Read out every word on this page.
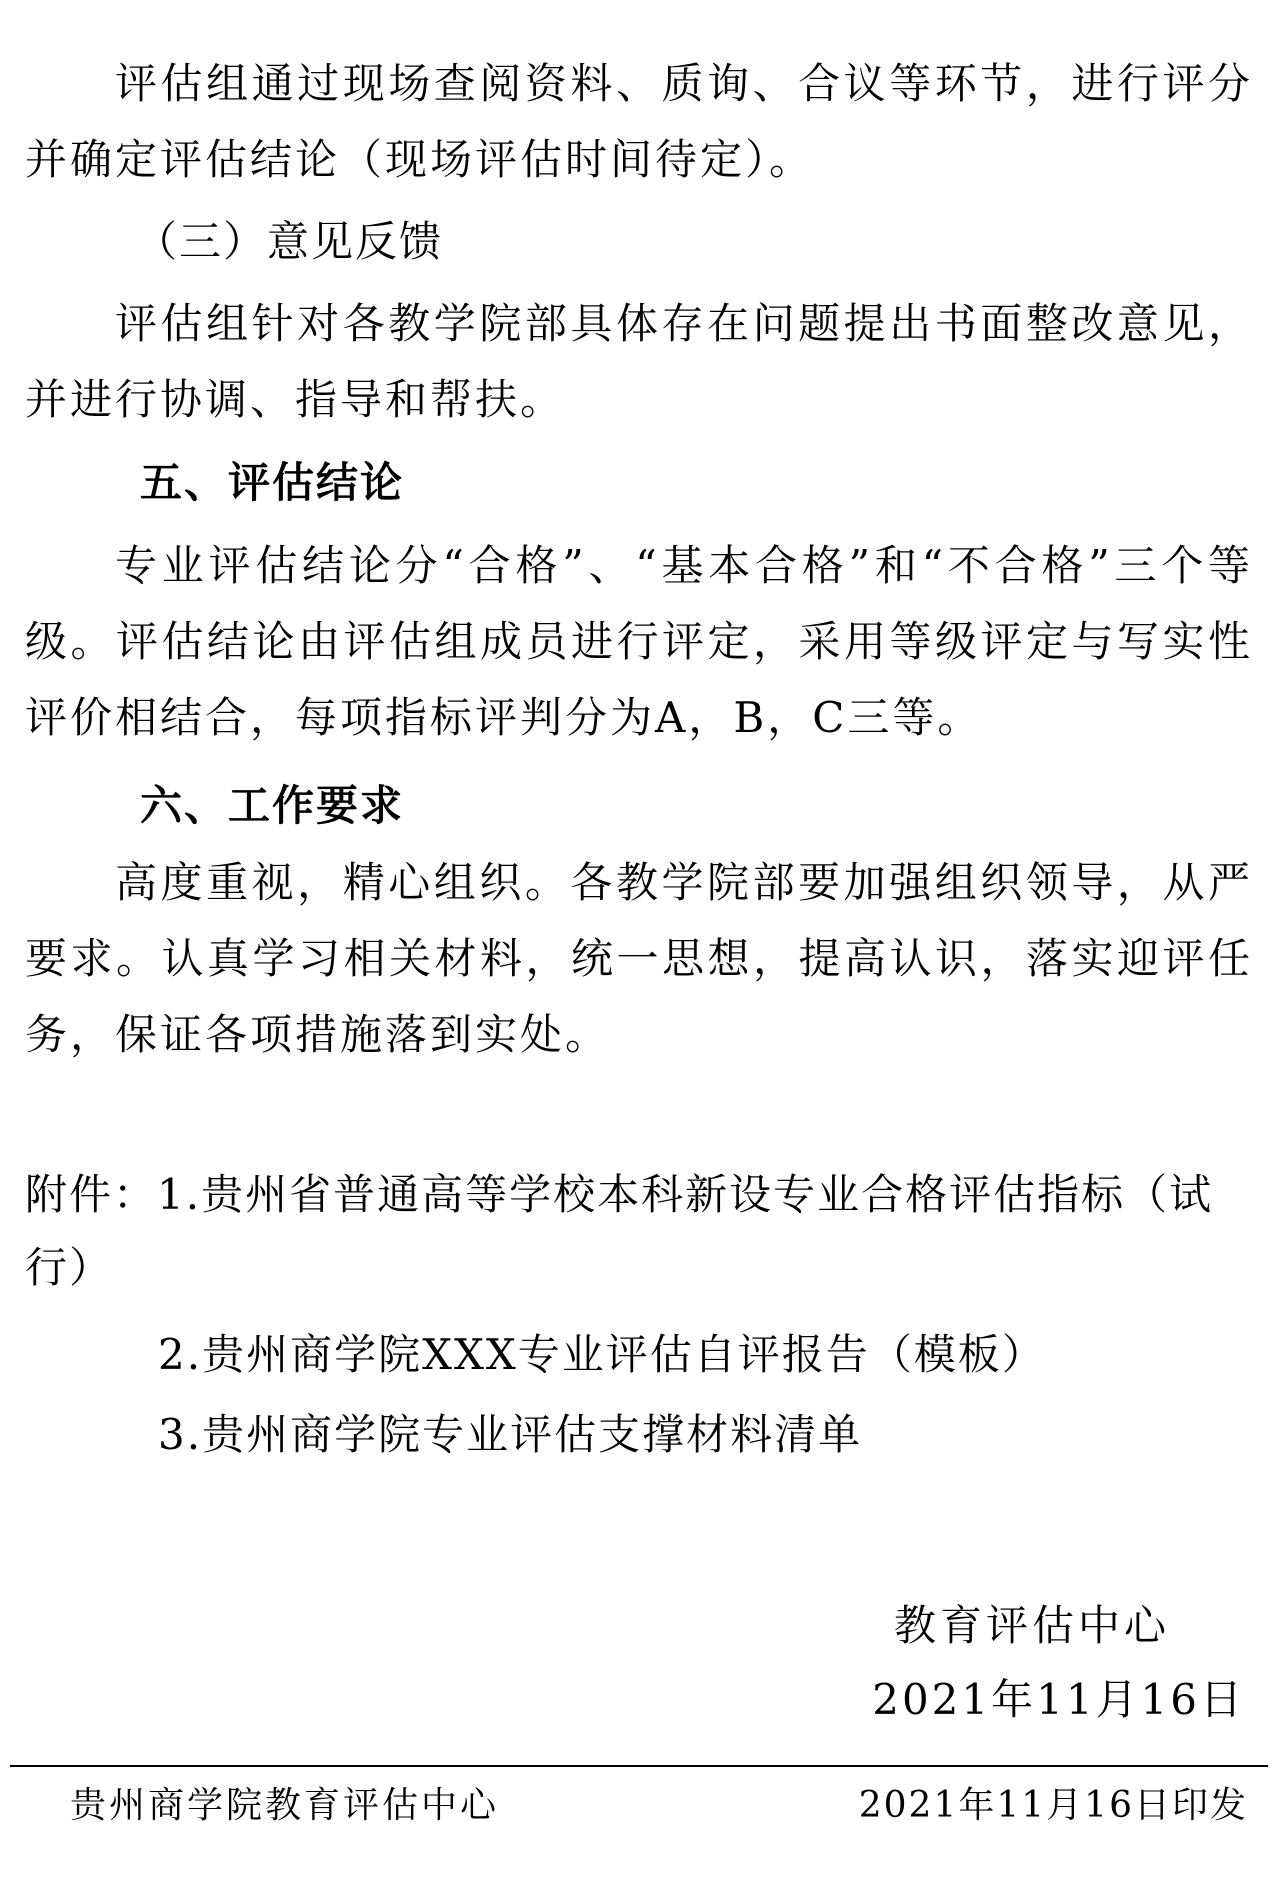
评估组通过现场查阅资料、质询、合议等环节，进行评分并确定评估结论（现场评估时间待定）。

（三）意见反馈

评估组针对各教学院部具体存在问题提出书面整改意见，并进行协调、指导和帮扶。

五、评估结论

专业评估结论分“合格”、“基本合格”和“不合格”三个等级。评估结论由评估组成员进行评定，采用等级评定与写实性评价相结合，每项指标评判分为A，B，C三等。

六、工作要求

高度重视，精心组织。各教学院部要加强组织领导，从严要求。认真学习相关材料，统一思想，提高认识，落实迎评任务，保证各项措施落到实处。

附件：1.贵州省普通高等学校本科新设专业合格评估指标（试行）
2.贵州商学院XXX专业评估自评报告（模板）
3.贵州商学院专业评估支撑材料清单
教育评估中心
2021年11月16日
贵州商学院教育评估中心	2021年11月16日印发
